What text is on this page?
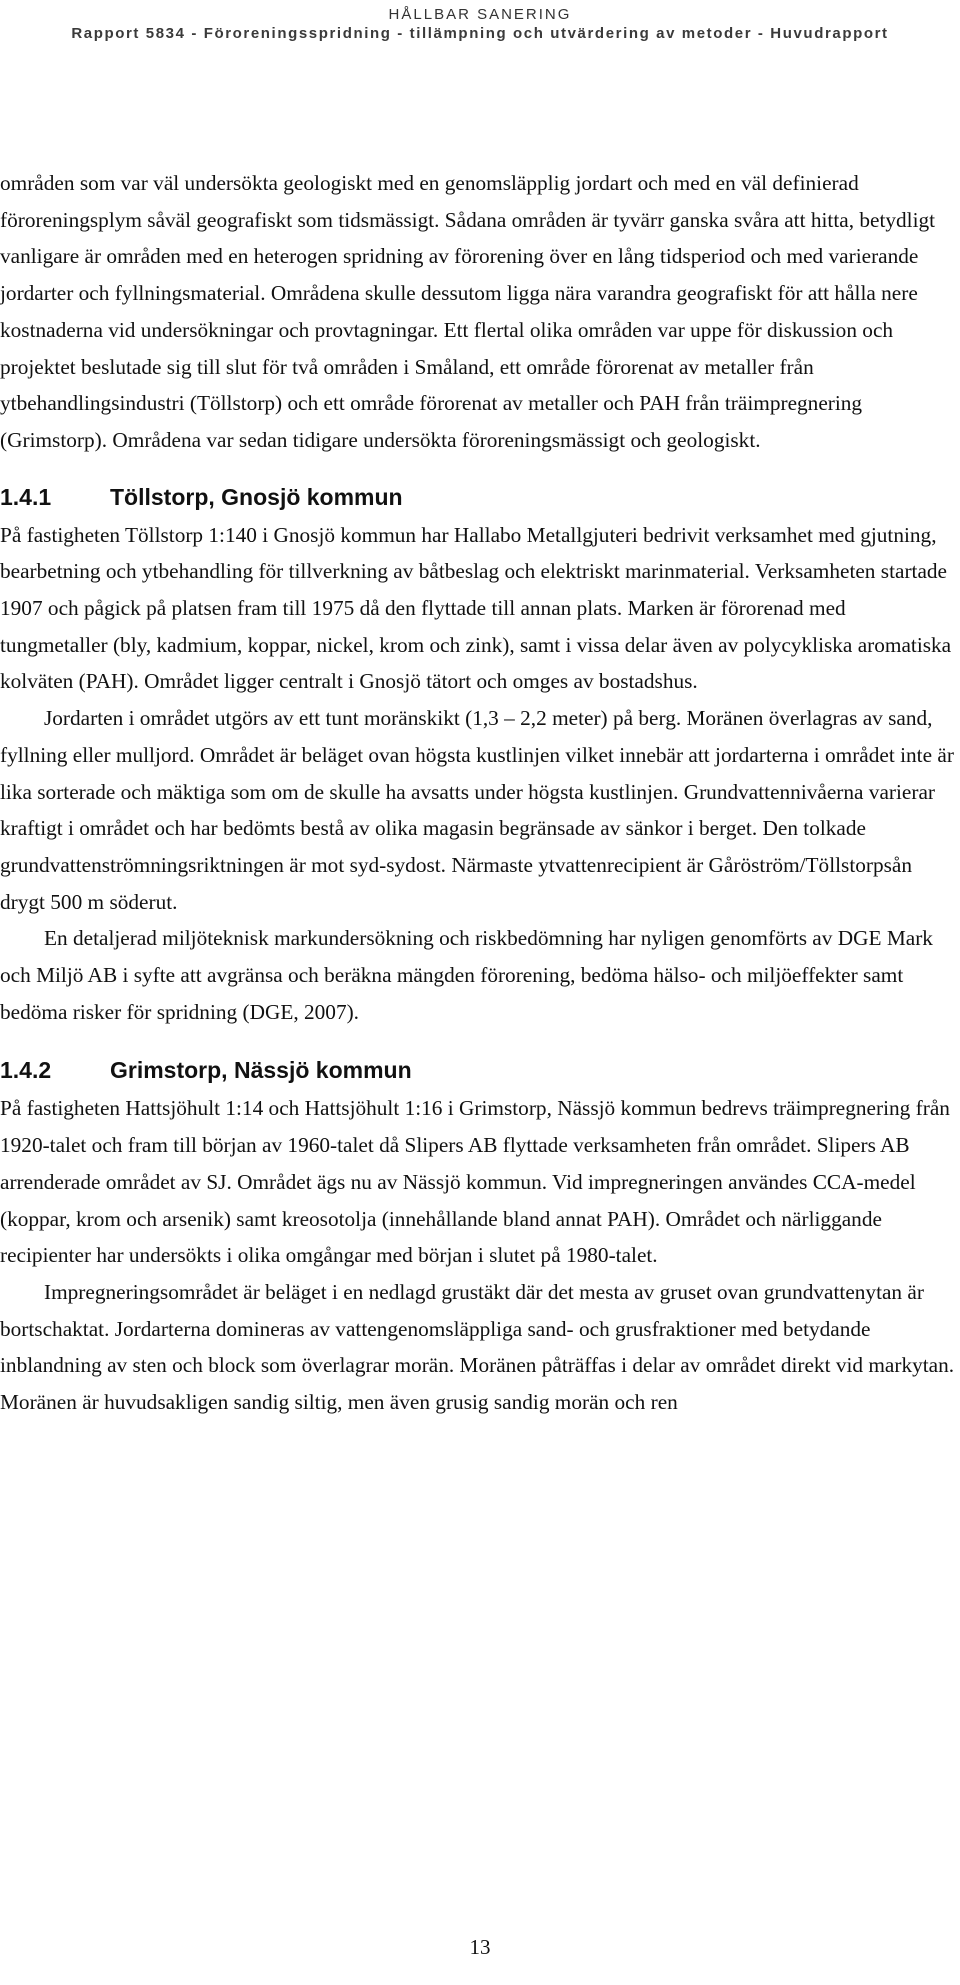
HÅLLBAR SANERING
Rapport 5834 - Föroreningsspridning - tillämpning och utvärdering av metoder - Huvudrapport

områden som var väl undersökta geologiskt med en genomsläpplig jordart och med en väl definierad föroreningsplym såväl geografiskt som tidsmässigt. Sådana områden är tyvärr ganska svåra att hitta, betydligt vanligare är områden med en heterogen spridning av förorening över en lång tidsperiod och med varierande jordarter och fyllningsmaterial. Områdena skulle dessutom ligga nära varandra geografiskt för att hålla nere kostnaderna vid undersökningar och provtagningar. Ett flertal olika områden var uppe för diskussion och projektet beslutade sig till slut för två områden i Småland, ett område förorenat av metaller från ytbehandlingsindustri (Töllstorp) och ett område förorenat av metaller och PAH från träimpregnering (Grimstorp). Områdena var sedan tidigare undersökta föroreningsmässigt och geologiskt.

1.4.1	Töllstorp, Gnosjö kommun

På fastigheten Töllstorp 1:140 i Gnosjö kommun har Hallabo Metallgjuteri bedrivit verksamhet med gjutning, bearbetning och ytbehandling för tillverkning av båtbeslag och elektriskt marinmaterial. Verksamheten startade 1907 och pågick på platsen fram till 1975 då den flyttade till annan plats. Marken är förorenad med tungmetaller (bly, kadmium, koppar, nickel, krom och zink), samt i vissa delar även av polycykliska aromatiska kolväten (PAH). Området ligger centralt i Gnosjö tätort och omges av bostadshus.

Jordarten i området utgörs av ett tunt moränskikt (1,3 – 2,2 meter) på berg. Moränen överlagras av sand, fyllning eller mulljord. Området är beläget ovan högsta kustlinjen vilket innebär att jordarterna i området inte är lika sorterade och mäktiga som om de skulle ha avsatts under högsta kustlinjen. Grundvattennivåerna varierar kraftigt i området och har bedömts bestå av olika magasin begränsade av sänkor i berget. Den tolkade grundvattenströmningsriktningen är mot syd-sydost. Närmaste ytvattenrecipient är Gåröström/Töllstorpsån drygt 500 m söderut.

En detaljerad miljöteknisk markundersökning och riskbedömning har nyligen genomförts av DGE Mark och Miljö AB i syfte att avgränsa och beräkna mängden förorening, bedöma hälso- och miljöeffekter samt bedöma risker för spridning (DGE, 2007).

1.4.2	Grimstorp, Nässjö kommun

På fastigheten Hattsjöhult 1:14 och Hattsjöhult 1:16 i Grimstorp, Nässjö kommun bedrevs träimpregnering från 1920-talet och fram till början av 1960-talet då Slipers AB flyttade verksamheten från området. Slipers AB arrenderade området av SJ. Området ägs nu av Nässjö kommun. Vid impregneringen användes CCA-medel (koppar, krom och arsenik) samt kreosotolja (innehållande bland annat PAH). Området och närliggande recipienter har undersökts i olika omgångar med början i slutet på 1980-talet.

Impregneringsområdet är beläget i en nedlagd grustäkt där det mesta av gruset ovan grundvattenytan är bortschaktat. Jordarterna domineras av vattengenomsläppliga sand- och grusfraktioner med betydande inblandning av sten och block som överlagrar morän. Moränen påträffas i delar av området direkt vid markytan. Moränen är huvudsakligen sandig siltig, men även grusig sandig morän och ren

13
